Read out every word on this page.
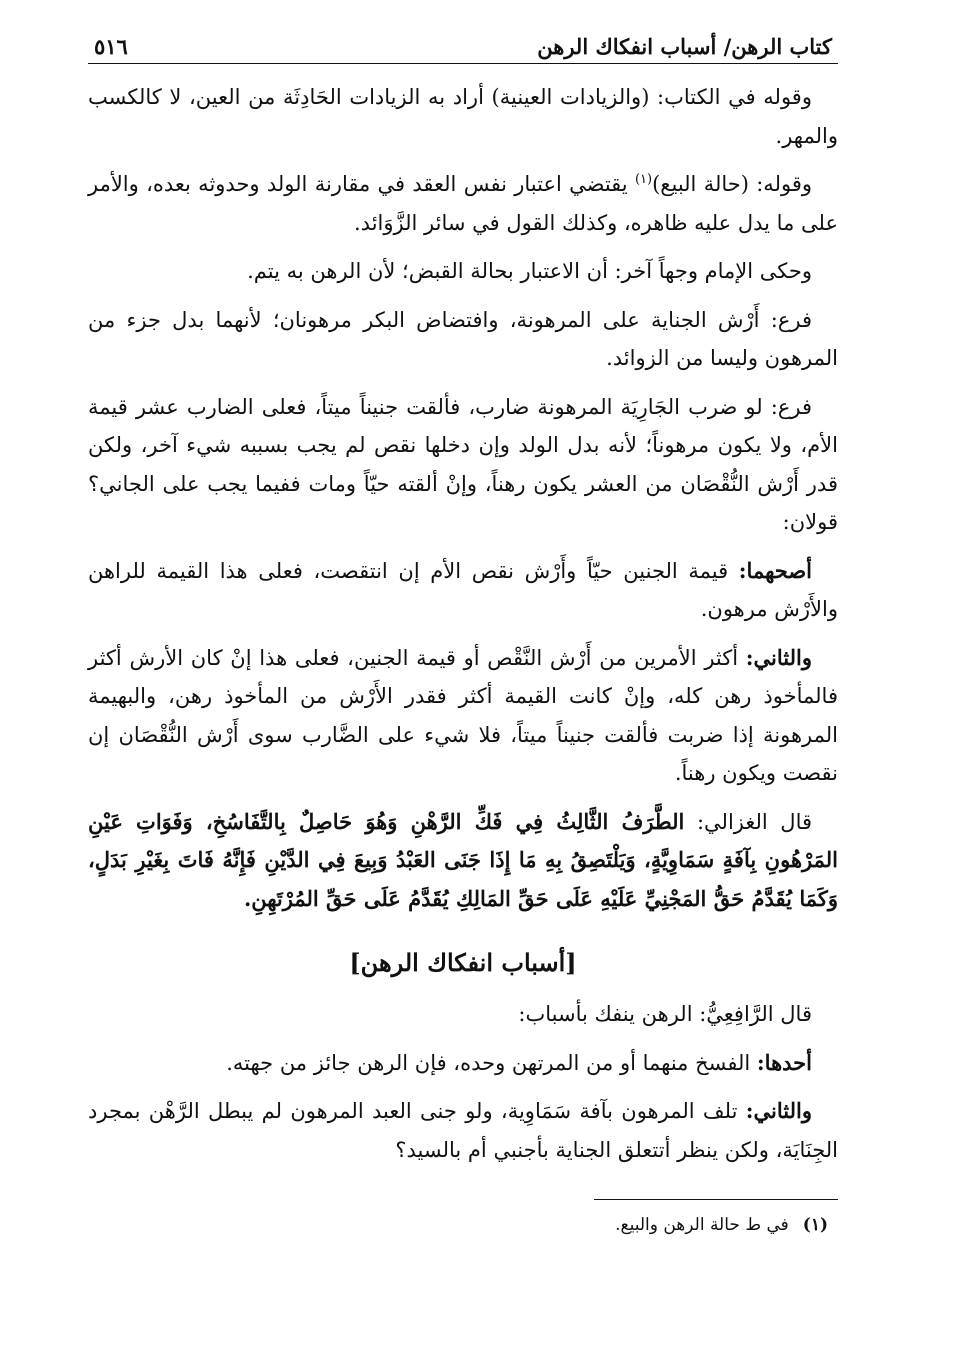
كتاب الرهن/ أسباب انفكاك الرهن
٥١٦

وقوله في الكتاب: (والزيادات العينية) أراد به الزيادات الحَادِثَة من العين، لا كالكسب والمهر.

وقوله: (حالة البيع)$^{(١)}$ يقتضي اعتبار نفس العقد في مقارنة الولد وحدوثه بعده، والأمر على ما يدل عليه ظاهره، وكذلك القول في سائر الزَّوَائد.

وحكى الإمام وجهاً آخر: أن الاعتبار بحالة القبض؛ لأن الرهن به يتم.

فرع: أَرْش الجناية على المرهونة، وافتضاض البكر مرهونان؛ لأنهما بدل جزء من المرهون وليسا من الزوائد.

فرع: لو ضرب الجَارِيَة المرهونة ضارب، فألقت جنيناً ميتاً، فعلى الضارب عشر قيمة الأم، ولا يكون مرهوناً؛ لأنه بدل الولد وإن دخلها نقص لم يجب بسببه شيء آخر، ولكن قدر أَرْش النُّقْصَان من العشر يكون رهناً، وإنْ ألقته حيّاً ومات ففيما يجب على الجاني؟ قولان:

أصحهما: قيمة الجنين حيّاً وأَرْش نقص الأم إن انتقصت، فعلى هذا القيمة للراهن والأَرْش مرهون.

والثاني: أكثر الأمرين من أَرْش النَّقْص أو قيمة الجنين، فعلى هذا إنْ كان الأرش أكثر فالمأخوذ رهن كله، وإنْ كانت القيمة أكثر فقدر الأَرْش من المأخوذ رهن، والبهيمة المرهونة إذا ضربت فألقت جنيناً ميتاً، فلا شيء على الضَّارب سوى أَرْش النُّقْصَان إن نقصت ويكون رهناً.

قال الغزالي: الطَّرَفُ الثَّالِثُ فِي فَكِّ الرَّهْنِ وَهُوَ حَاصِلٌ بِالتَّفَاسُخِ، وَفَوَاتِ عَيْنِ المَرْهُونِ بِآفَةٍ سَمَاوِيَّةٍ، وَيَلْتَصِقُ بِهِ مَا إِذَا جَنَى العَبْدُ وَبِيعَ فِي الدَّيْنِ فَإِنَّهُ فَاتَ بِغَيْرِ بَدَلٍ، وَكَمَا يُقَدَّمُ حَقُّ المَجْنِيِّ عَلَيْهِ عَلَى حَقِّ المَالِكِ يُقَدَّمُ عَلَى حَقِّ المُرْتَهِنِ.

[أسباب انفكاك الرهن]

قال الرَّافِعِيُّ: الرهن ينفك بأسباب:

أحدها: الفسخ منهما أو من المرتهن وحده، فإن الرهن جائز من جهته.

والثاني: تلف المرهون بآفة سَمَاوِية، ولو جنى العبد المرهون لم يبطل الرَّهْن بمجرد الجِنَايَة، ولكن ينظر أتتعلق الجناية بأجنبي أم بالسيد؟

(١)في ط حالة الرهن والبيع.
